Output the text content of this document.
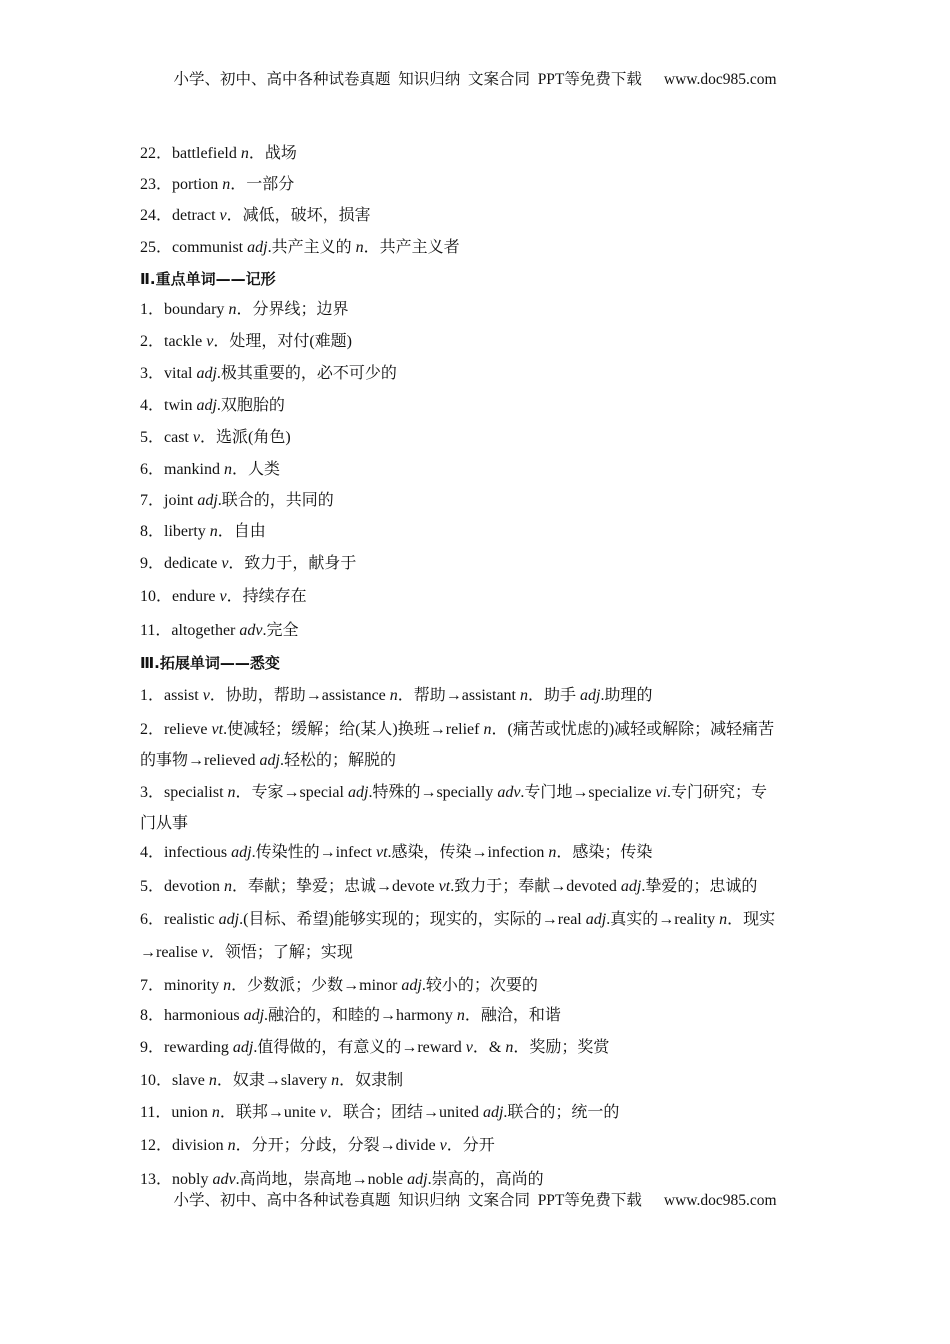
小学、初中、高中各种试卷真题  知识归纳  文案合同  PPT等免费下载 www.doc985.com
22．battlefield n．战场
23．portion n．一部分
24．detract v．减低，破坏，损害
25．communist adj.共产主义的 n．共产主义者
Ⅱ.重点单词——记形
1．boundary n．分界线；边界
2．tackle v．处理，对付(难题)
3．vital adj.极其重要的，必不可少的
4．twin adj.双胞胎的
5．cast v．选派(角色)
6．mankind n．人类
7．joint adj.联合的，共同的
8．liberty n．自由
9．dedicate v．致力于，献身于
10．endure v．持续存在
11．altogether adv.完全
Ⅲ.拓展单词——悉变
1．assist v．协助，帮助→assistance n．帮助→assistant n．助手 adj.助理的
2．relieve vt.使减轻；缓解；给(某人)换班→relief n．(痛苦或忧虑的)减轻或解除；减轻痛苦
的事物→relieved adj.轻松的；解脱的
3．specialist n．专家→special adj.特殊的→specially adv.专门地→specialize vi.专门研究；专
门从事
4．infectious adj.传染性的→infect vt.感染，传染→infection n．感染；传染
5．devotion n．奉献；挚爱；忠诚→devote vt.致力于；奉献→devoted adj.挚爱的；忠诚的
6．realistic adj.(目标、希望)能够实现的；现实的，实际的→real adj.真实的→reality n．现实
→realise v．领悟；了解；实现
7．minority n．少数派；少数→minor adj.较小的；次要的
8．harmonious adj.融洽的，和睦的→harmony n．融洽，和谐
9．rewarding adj.值得做的，有意义的→reward v．& n．奖励；奖赏
10．slave n．奴隶→slavery n．奴隶制
11．union n．联邦→unite v．联合；团结→united adj.联合的；统一的
12．division n．分开；分歧，分裂→divide v．分开
13．nobly adv.高尚地，崇高地→noble adj.崇高的，高尚的
小学、初中、高中各种试卷真题  知识归纳  文案合同  PPT等免费下载 www.doc985.com
